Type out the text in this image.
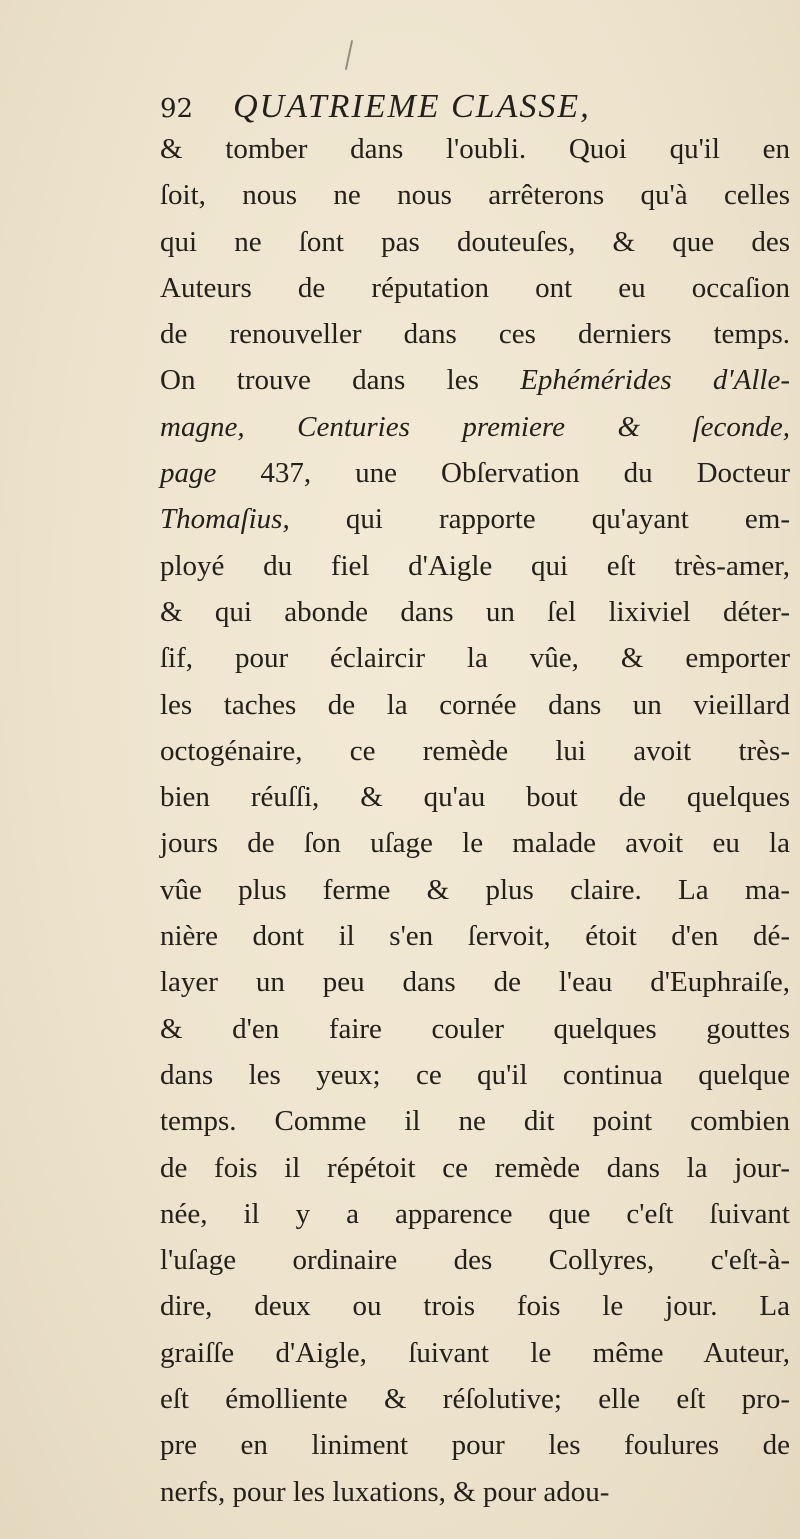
92 QUATRIEME CLASSE,
& tomber dans l'oubli. Quoi qu'il en
ſoit, nous ne nous arrêterons qu'à celles
qui ne ſont pas douteuſes, & que des
Auteurs de réputation ont eu occaſion
de renouveller dans ces derniers temps.
On trouve dans les Ephémérides d'Alle-
magne, Centuries premiere & ſeconde,
page 437, une Obſervation du Docteur
Thomaſius, qui rapporte qu'ayant em-
ployé du fiel d'Aigle qui eſt très-amer,
& qui abonde dans un ſel lixiviel déter-
ſif, pour éclaircir la vûe, & emporter
les taches de la cornée dans un vieillard
octogénaire, ce remède lui avoit très-
bien réuſſi, & qu'au bout de quelques
jours de ſon uſage le malade avoit eu la
vûe plus ferme & plus claire. La ma-
nière dont il s'en ſervoit, étoit d'en dé-
layer un peu dans de l'eau d'Euphraiſe,
& d'en faire couler quelques gouttes
dans les yeux; ce qu'il continua quelque
temps. Comme il ne dit point combien
de fois il répétoit ce remède dans la jour-
née, il y a apparence que c'eſt ſuivant
l'uſage ordinaire des Collyres, c'eſt-à-
dire, deux ou trois fois le jour. La
graiſſe d'Aigle, ſuivant le même Auteur,
eſt émolliente & réſolutive; elle eſt pro-
pre en liniment pour les foulures de
nerfs, pour les luxations, & pour adou-
